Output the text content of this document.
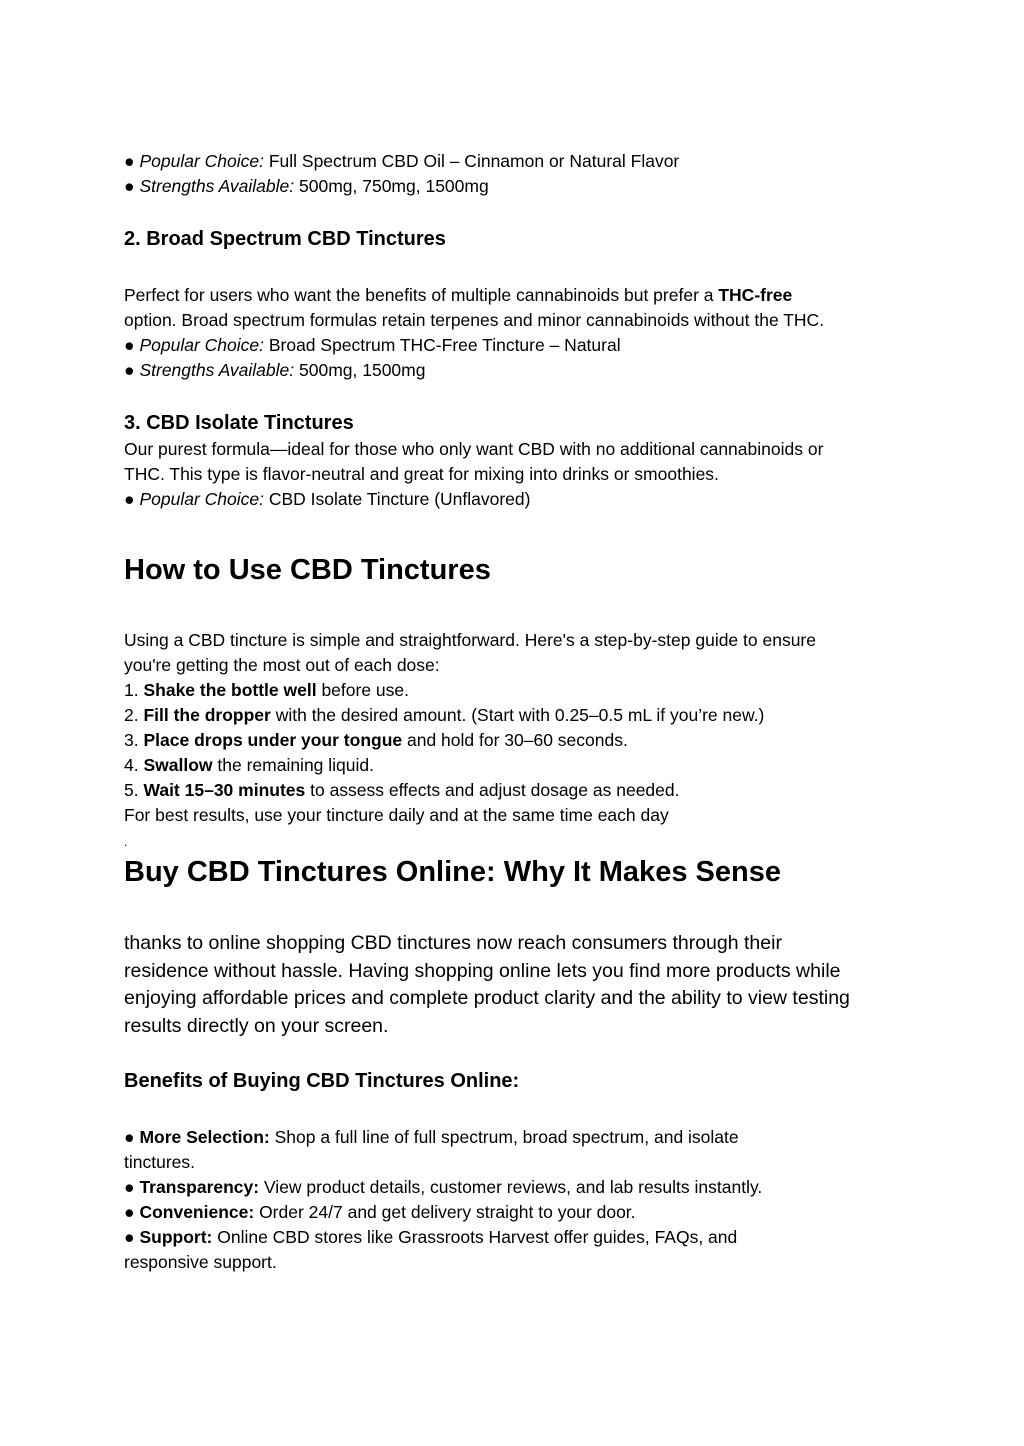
● Popular Choice: Full Spectrum CBD Oil – Cinnamon or Natural Flavor
● Strengths Available: 500mg, 750mg, 1500mg
2. Broad Spectrum CBD Tinctures
Perfect for users who want the benefits of multiple cannabinoids but prefer a THC-free
option. Broad spectrum formulas retain terpenes and minor cannabinoids without the THC.
● Popular Choice: Broad Spectrum THC-Free Tincture – Natural
● Strengths Available: 500mg, 1500mg
3. CBD Isolate Tinctures
Our purest formula—ideal for those who only want CBD with no additional cannabinoids or
THC. This type is flavor-neutral and great for mixing into drinks or smoothies.
● Popular Choice: CBD Isolate Tincture (Unflavored)
How to Use CBD Tinctures
Using a CBD tincture is simple and straightforward. Here's a step-by-step guide to ensure
you're getting the most out of each dose:
1. Shake the bottle well before use.
2. Fill the dropper with the desired amount. (Start with 0.25–0.5 mL if you’re new.)
3. Place drops under your tongue and hold for 30–60 seconds.
4. Swallow the remaining liquid.
5. Wait 15–30 minutes to assess effects and adjust dosage as needed.
For best results, use your tincture daily and at the same time each day
.
Buy CBD Tinctures Online: Why It Makes Sense
thanks to online shopping CBD tinctures now reach consumers through their
residence without hassle. Having shopping online lets you find more products while
enjoying affordable prices and complete product clarity and the ability to view testing
results directly on your screen.
Benefits of Buying CBD Tinctures Online:
● More Selection: Shop a full line of full spectrum, broad spectrum, and isolate
tinctures.
● Transparency: View product details, customer reviews, and lab results instantly.
● Convenience: Order 24/7 and get delivery straight to your door.
● Support: Online CBD stores like Grassroots Harvest offer guides, FAQs, and
responsive support.
